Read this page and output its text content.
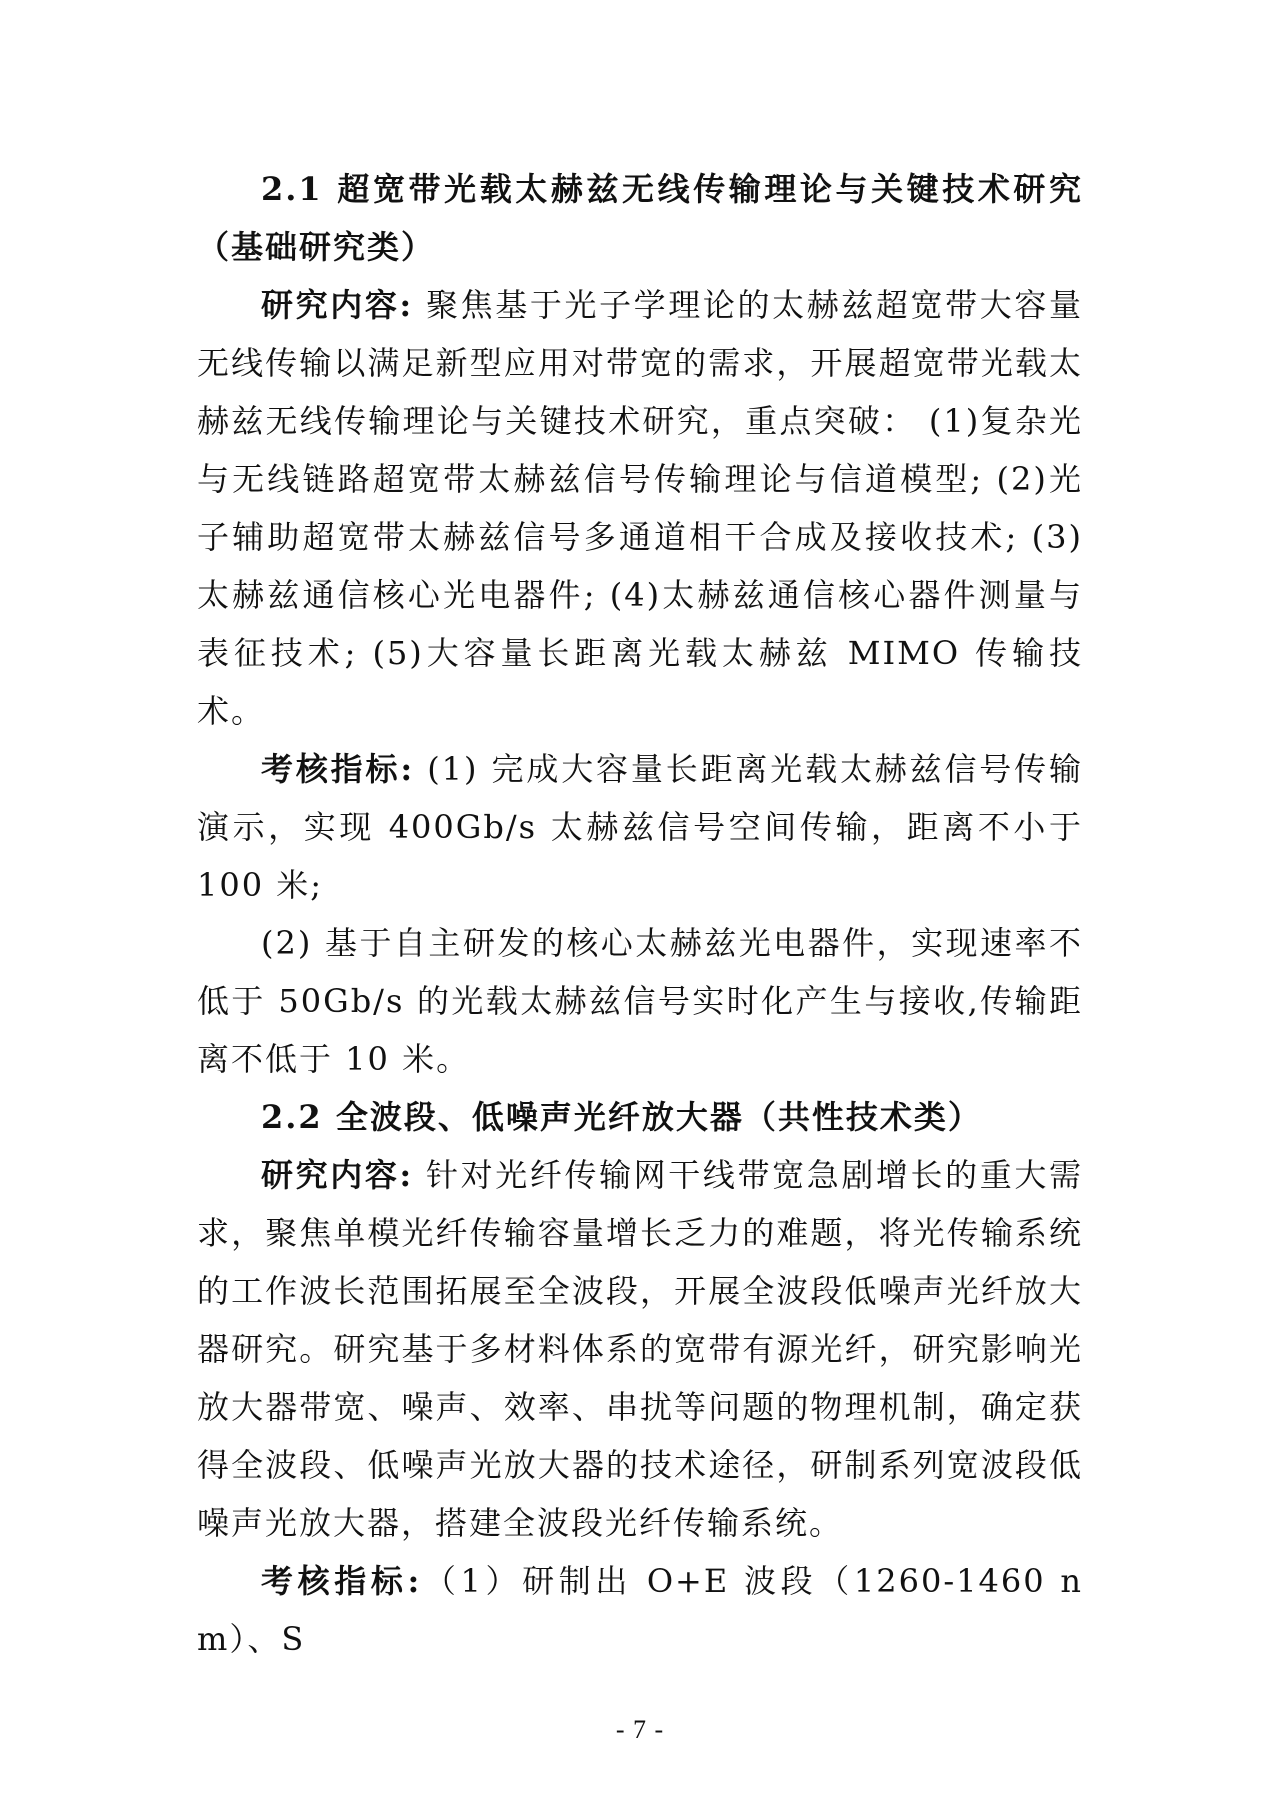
2.1 超宽带光载太赫兹无线传输理论与关键技术研究（基础研究类）

研究内容: 聚焦基于光子学理论的太赫兹超宽带大容量无线传输以满足新型应用对带宽的需求，开展超宽带光载太赫兹无线传输理论与关键技术研究，重点突破： (1)复杂光与无线链路超宽带太赫兹信号传输理论与信道模型; (2)光子辅助超宽带太赫兹信号多通道相干合成及接收技术; (3)太赫兹通信核心光电器件; (4)太赫兹通信核心器件测量与表征技术; (5)大容量长距离光载太赫兹 MIMO 传输技术。

考核指标: (1) 完成大容量长距离光载太赫兹信号传输演示，实现 400Gb/s 太赫兹信号空间传输，距离不小于 100 米;

(2) 基于自主研发的核心太赫兹光电器件，实现速率不低于 50Gb/s 的光载太赫兹信号实时化产生与接收,传输距离不低于 10 米。

2.2 全波段、低噪声光纤放大器（共性技术类）

研究内容: 针对光纤传输网干线带宽急剧增长的重大需求，聚焦单模光纤传输容量增长乏力的难题，将光传输系统的工作波长范围拓展至全波段，开展全波段低噪声光纤放大器研究。研究基于多材料体系的宽带有源光纤，研究影响光放大器带宽、噪声、效率、串扰等问题的物理机制，确定获得全波段、低噪声光放大器的技术途径，研制系列宽波段低噪声光放大器，搭建全波段光纤传输系统。

考核指标:（1）研制出 O+E 波段（1260-1460 nm）、S

- 7 -
